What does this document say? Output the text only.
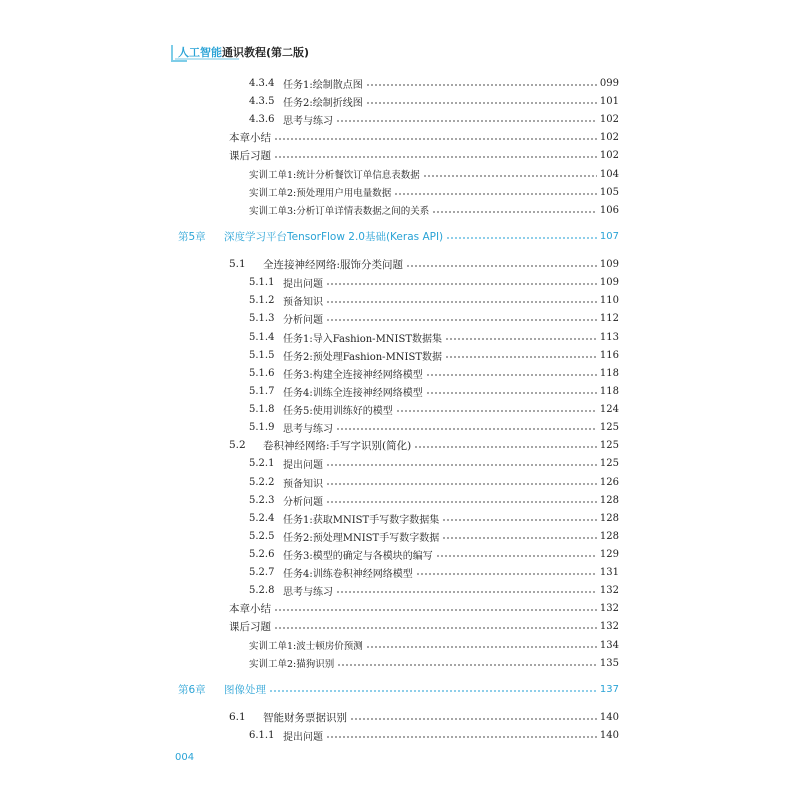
人工智能通识教程(第二版)
4.3.4 任务1:绘制散点图	099
4.3.5 任务2:绘制折线图	101
4.3.6 思考与练习	102
本章小结	102
课后习题	102
实训工单1:统计分析餐饮订单信息表数据	104
实训工单2:预处理用户用电量数据	105
实训工单3:分析订单详情表数据之间的关系	106
第5章	深度学习平台TensorFlow 2.0基础(Keras API)	107
5.1	全连接神经网络:服饰分类问题	109
5.1.1 提出问题	109
5.1.2 预备知识	110
5.1.3 分析问题	112
5.1.4 任务1:导入Fashion-MNIST数据集	113
5.1.5 任务2:预处理Fashion-MNIST数据	116
5.1.6 任务3:构建全连接神经网络模型	118
5.1.7 任务4:训练全连接神经网络模型	118
5.1.8 任务5:使用训练好的模型	124
5.1.9 思考与练习	125
5.2	卷积神经网络:手写字识别(简化)	125
5.2.1 提出问题	125
5.2.2 预备知识	126
5.2.3 分析问题	128
5.2.4 任务1:获取MNIST手写数字数据集	128
5.2.5 任务2:预处理MNIST手写数字数据	128
5.2.6 任务3:模型的确定与各模块的编写	129
5.2.7 任务4:训练卷积神经网络模型	131
5.2.8 思考与练习	132
本章小结	132
课后习题	132
实训工单1:波士顿房价预测	134
实训工单2:猫狗识别	135
第6章	图像处理	137
6.1	智能财务票据识别	140
6.1.1 提出问题	140
004
